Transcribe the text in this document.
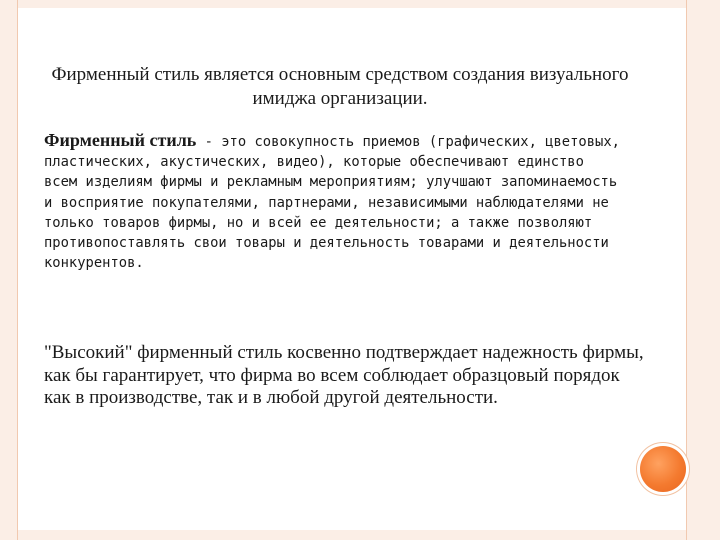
Фирменный стиль является основным средством создания визуального имиджа организации.
Фирменный стиль - это совокупность приемов (графических, цветовых, пластических, акустических, видео), которые обеспечивают единство всем изделиям фирмы и рекламным мероприятиям; улучшают запоминаемость и восприятие покупателями, партнерами, независимыми наблюдателями не только товаров фирмы, но и всей ее деятельности; а также позволяют противопоставлять свои товары и деятельность товарами и деятельности конкурентов.
"Высокий" фирменный стиль косвенно подтверждает надежность фирмы, как бы гарантирует, что фирма во всем соблюдает образцовый порядок как в производстве, так и в любой другой деятельности.
